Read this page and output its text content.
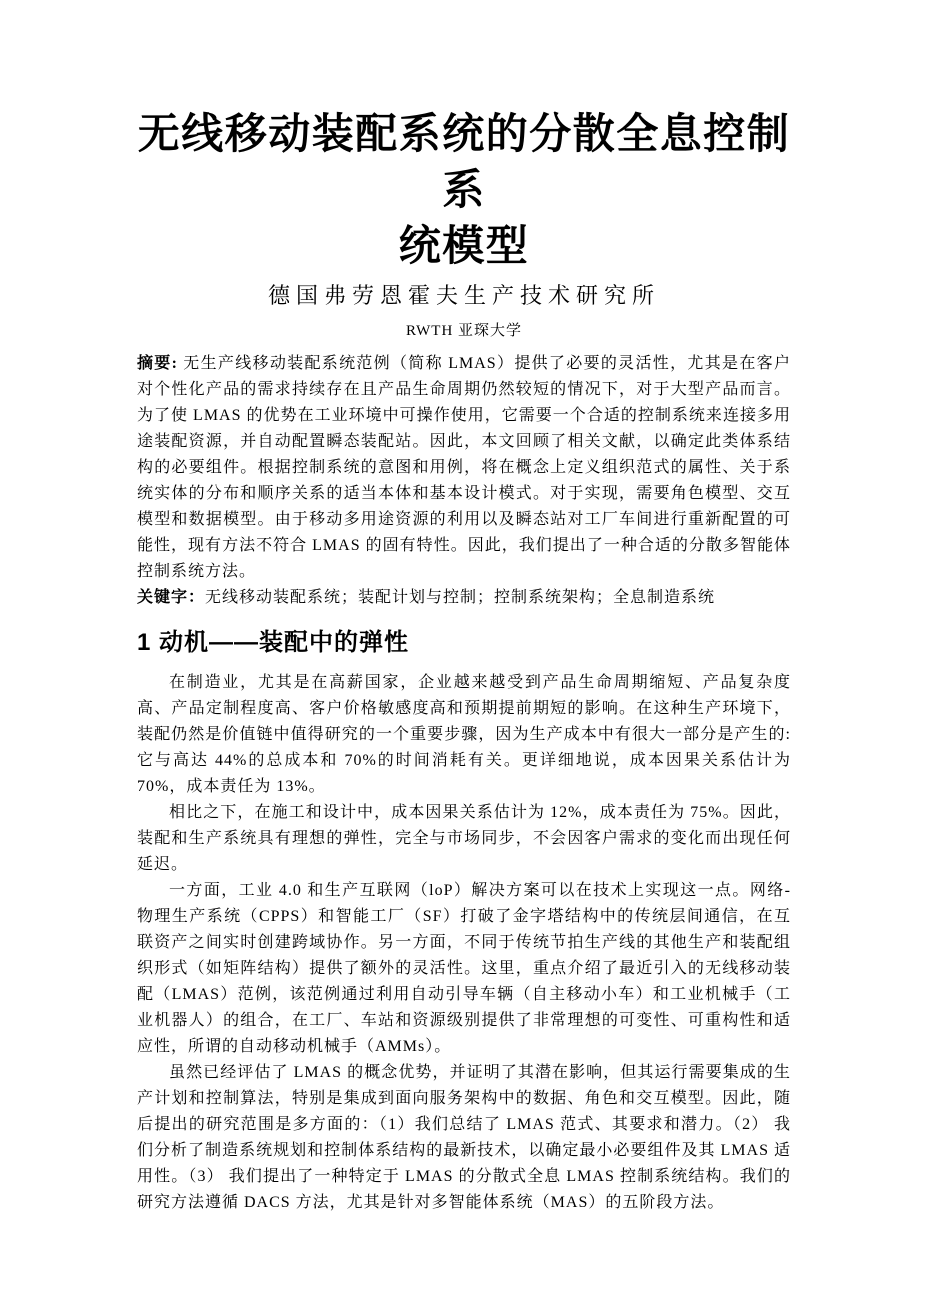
无线移动装配系统的分散全息控制系
统模型

德国弗劳恩霍夫生产技术研究所

RWTH 亚琛大学

摘要: 无生产线移动装配系统范例（简称 LMAS）提供了必要的灵活性，尤其是在客户对个性化产品的需求持续存在且产品生命周期仍然较短的情况下，对于大型产品而言。为了使 LMAS 的优势在工业环境中可操作使用，它需要一个合适的控制系统来连接多用途装配资源，并自动配置瞬态装配站。因此，本文回顾了相关文献，以确定此类体系结构的必要组件。根据控制系统的意图和用例，将在概念上定义组织范式的属性、关于系统实体的分布和顺序关系的适当本体和基本设计模式。对于实现，需要角色模型、交互模型和数据模型。由于移动多用途资源的利用以及瞬态站对工厂车间进行重新配置的可能性，现有方法不符合 LMAS 的固有特性。因此，我们提出了一种合适的分散多智能体控制系统方法。

关键字：无线移动装配系统；装配计划与控制；控制系统架构；全息制造系统

1 动机——装配中的弹性

在制造业，尤其是在高薪国家，企业越来越受到产品生命周期缩短、产品复杂度高、产品定制程度高、客户价格敏感度高和预期提前期短的影响。在这种生产环境下，装配仍然是价值链中值得研究的一个重要步骤，因为生产成本中有很大一部分是产生的:它与高达 44%的总成本和 70%的时间消耗有关。更详细地说，成本因果关系估计为 70%，成本责任为 13%。

相比之下，在施工和设计中，成本因果关系估计为 12%，成本责任为 75%。因此，装配和生产系统具有理想的弹性，完全与市场同步，不会因客户需求的变化而出现任何延迟。

一方面，工业 4.0 和生产互联网（loP）解决方案可以在技术上实现这一点。网络-物理生产系统（CPPS）和智能工厂（SF）打破了金字塔结构中的传统层间通信，在互联资产之间实时创建跨域协作。另一方面，不同于传统节拍生产线的其他生产和装配组织形式（如矩阵结构）提供了额外的灵活性。这里，重点介绍了最近引入的无线移动装配（LMAS）范例，该范例通过利用自动引导车辆（自主移动小车）和工业机械手（工业机器人）的组合，在工厂、车站和资源级别提供了非常理想的可变性、可重构性和适应性，所谓的自动移动机械手（AMMs）。

虽然已经评估了 LMAS 的概念优势，并证明了其潜在影响，但其运行需要集成的生产计划和控制算法，特别是集成到面向服务架构中的数据、角色和交互模型。因此，随后提出的研究范围是多方面的：（1）我们总结了 LMAS 范式、其要求和潜力。（2） 我们分析了制造系统规划和控制体系结构的最新技术，以确定最小必要组件及其 LMAS 适用性。（3） 我们提出了一种特定于 LMAS 的分散式全息 LMAS 控制系统结构。我们的研究方法遵循 DACS 方法，尤其是针对多智能体系统（MAS）的五阶段方法。
